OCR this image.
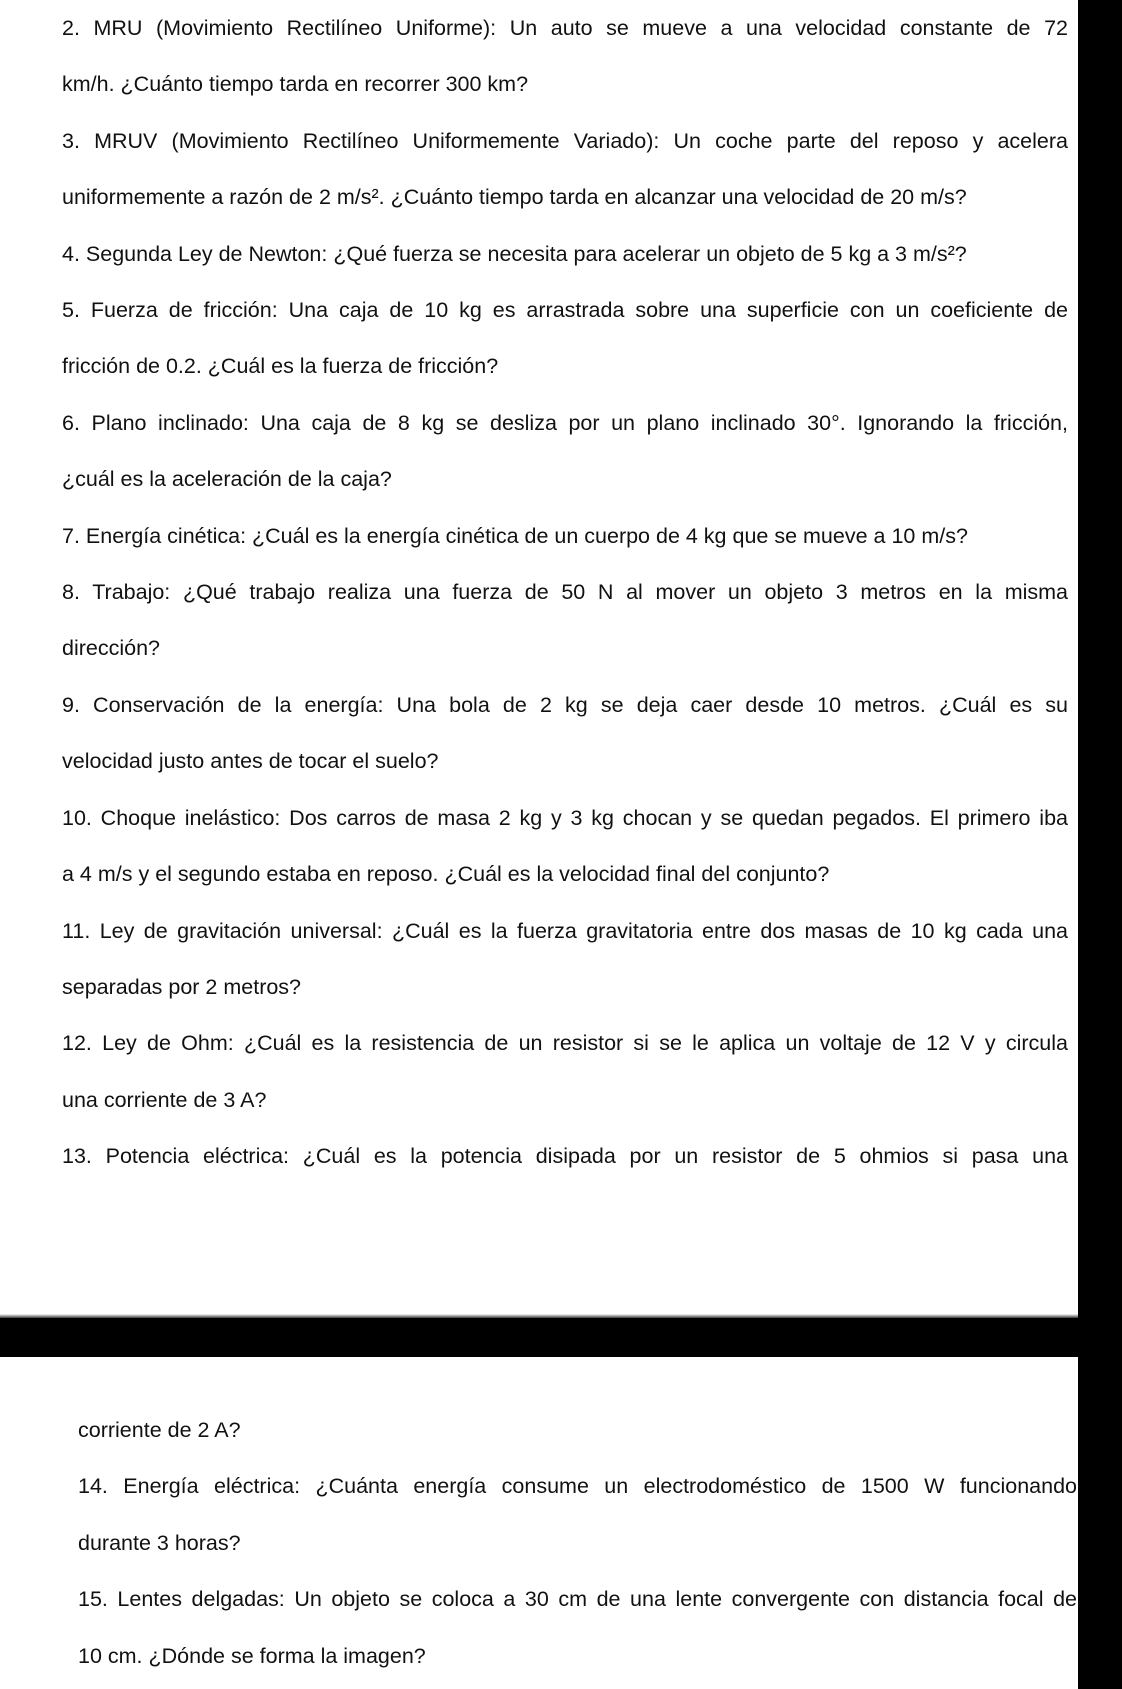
2. MRU (Movimiento Rectilíneo Uniforme): Un auto se mueve a una velocidad constante de 72
km/h. ¿Cuánto tiempo tarda en recorrer 300 km?

3. MRUV (Movimiento Rectilíneo Uniformemente Variado): Un coche parte del reposo y acelera
uniformemente a razón de 2 m/s². ¿Cuánto tiempo tarda en alcanzar una velocidad de 20 m/s?

4. Segunda Ley de Newton: ¿Qué fuerza se necesita para acelerar un objeto de 5 kg a 3 m/s²?

5. Fuerza de fricción: Una caja de 10 kg es arrastrada sobre una superficie con un coeficiente de
fricción de 0.2. ¿Cuál es la fuerza de fricción?

6. Plano inclinado: Una caja de 8 kg se desliza por un plano inclinado 30°. Ignorando la fricción,
¿cuál es la aceleración de la caja?

7. Energía cinética: ¿Cuál es la energía cinética de un cuerpo de 4 kg que se mueve a 10 m/s?

8. Trabajo: ¿Qué trabajo realiza una fuerza de 50 N al mover un objeto 3 metros en la misma
dirección?

9. Conservación de la energía: Una bola de 2 kg se deja caer desde 10 metros. ¿Cuál es su
velocidad justo antes de tocar el suelo?

10. Choque inelástico: Dos carros de masa 2 kg y 3 kg chocan y se quedan pegados. El primero iba
a 4 m/s y el segundo estaba en reposo. ¿Cuál es la velocidad final del conjunto?

11. Ley de gravitación universal: ¿Cuál es la fuerza gravitatoria entre dos masas de 10 kg cada una
separadas por 2 metros?

12. Ley de Ohm: ¿Cuál es la resistencia de un resistor si se le aplica un voltaje de 12 V y circula
una corriente de 3 A?

13. Potencia eléctrica: ¿Cuál es la potencia disipada por un resistor de 5 ohmios si pasa una

corriente de 2 A?

14. Energía eléctrica: ¿Cuánta energía consume un electrodoméstico de 1500 W funcionando
durante 3 horas?

15. Lentes delgadas: Un objeto se coloca a 30 cm de una lente convergente con distancia focal de
10 cm. ¿Dónde se forma la imagen?
